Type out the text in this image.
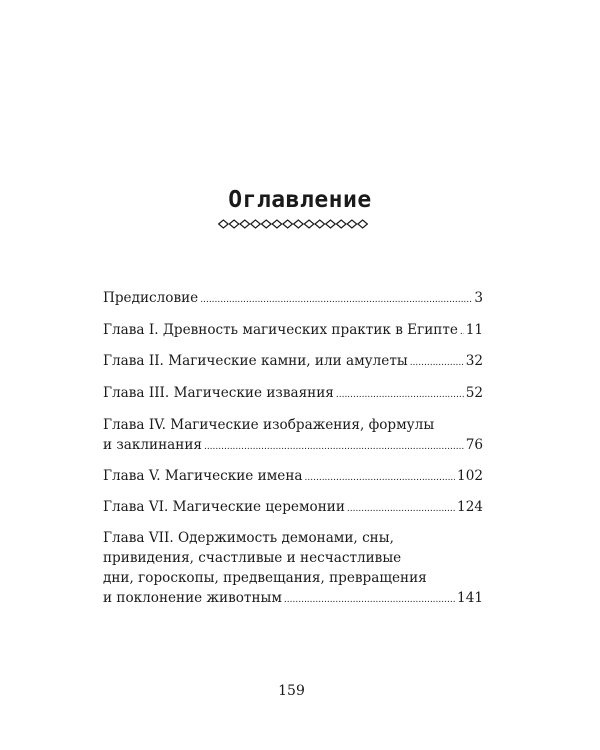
Оглавление
Предисловие .....	3
Глава I. Древность магических практик в Египте ..... 11
Глава II. Магические камни, или амулеты .....	32
Глава III. Магические изваяния .....	52
Глава IV. Магические изображения, формулы
и заклинания .....	76
Глава V. Магические имена .....	102
Глава VI. Магические церемонии .....	124
Глава VII. Одержимость демонами, сны,
привидения, счастливые и несчастливые
дни, гороскопы, предвещания, превращения
и поклонение животным .....	141
159
